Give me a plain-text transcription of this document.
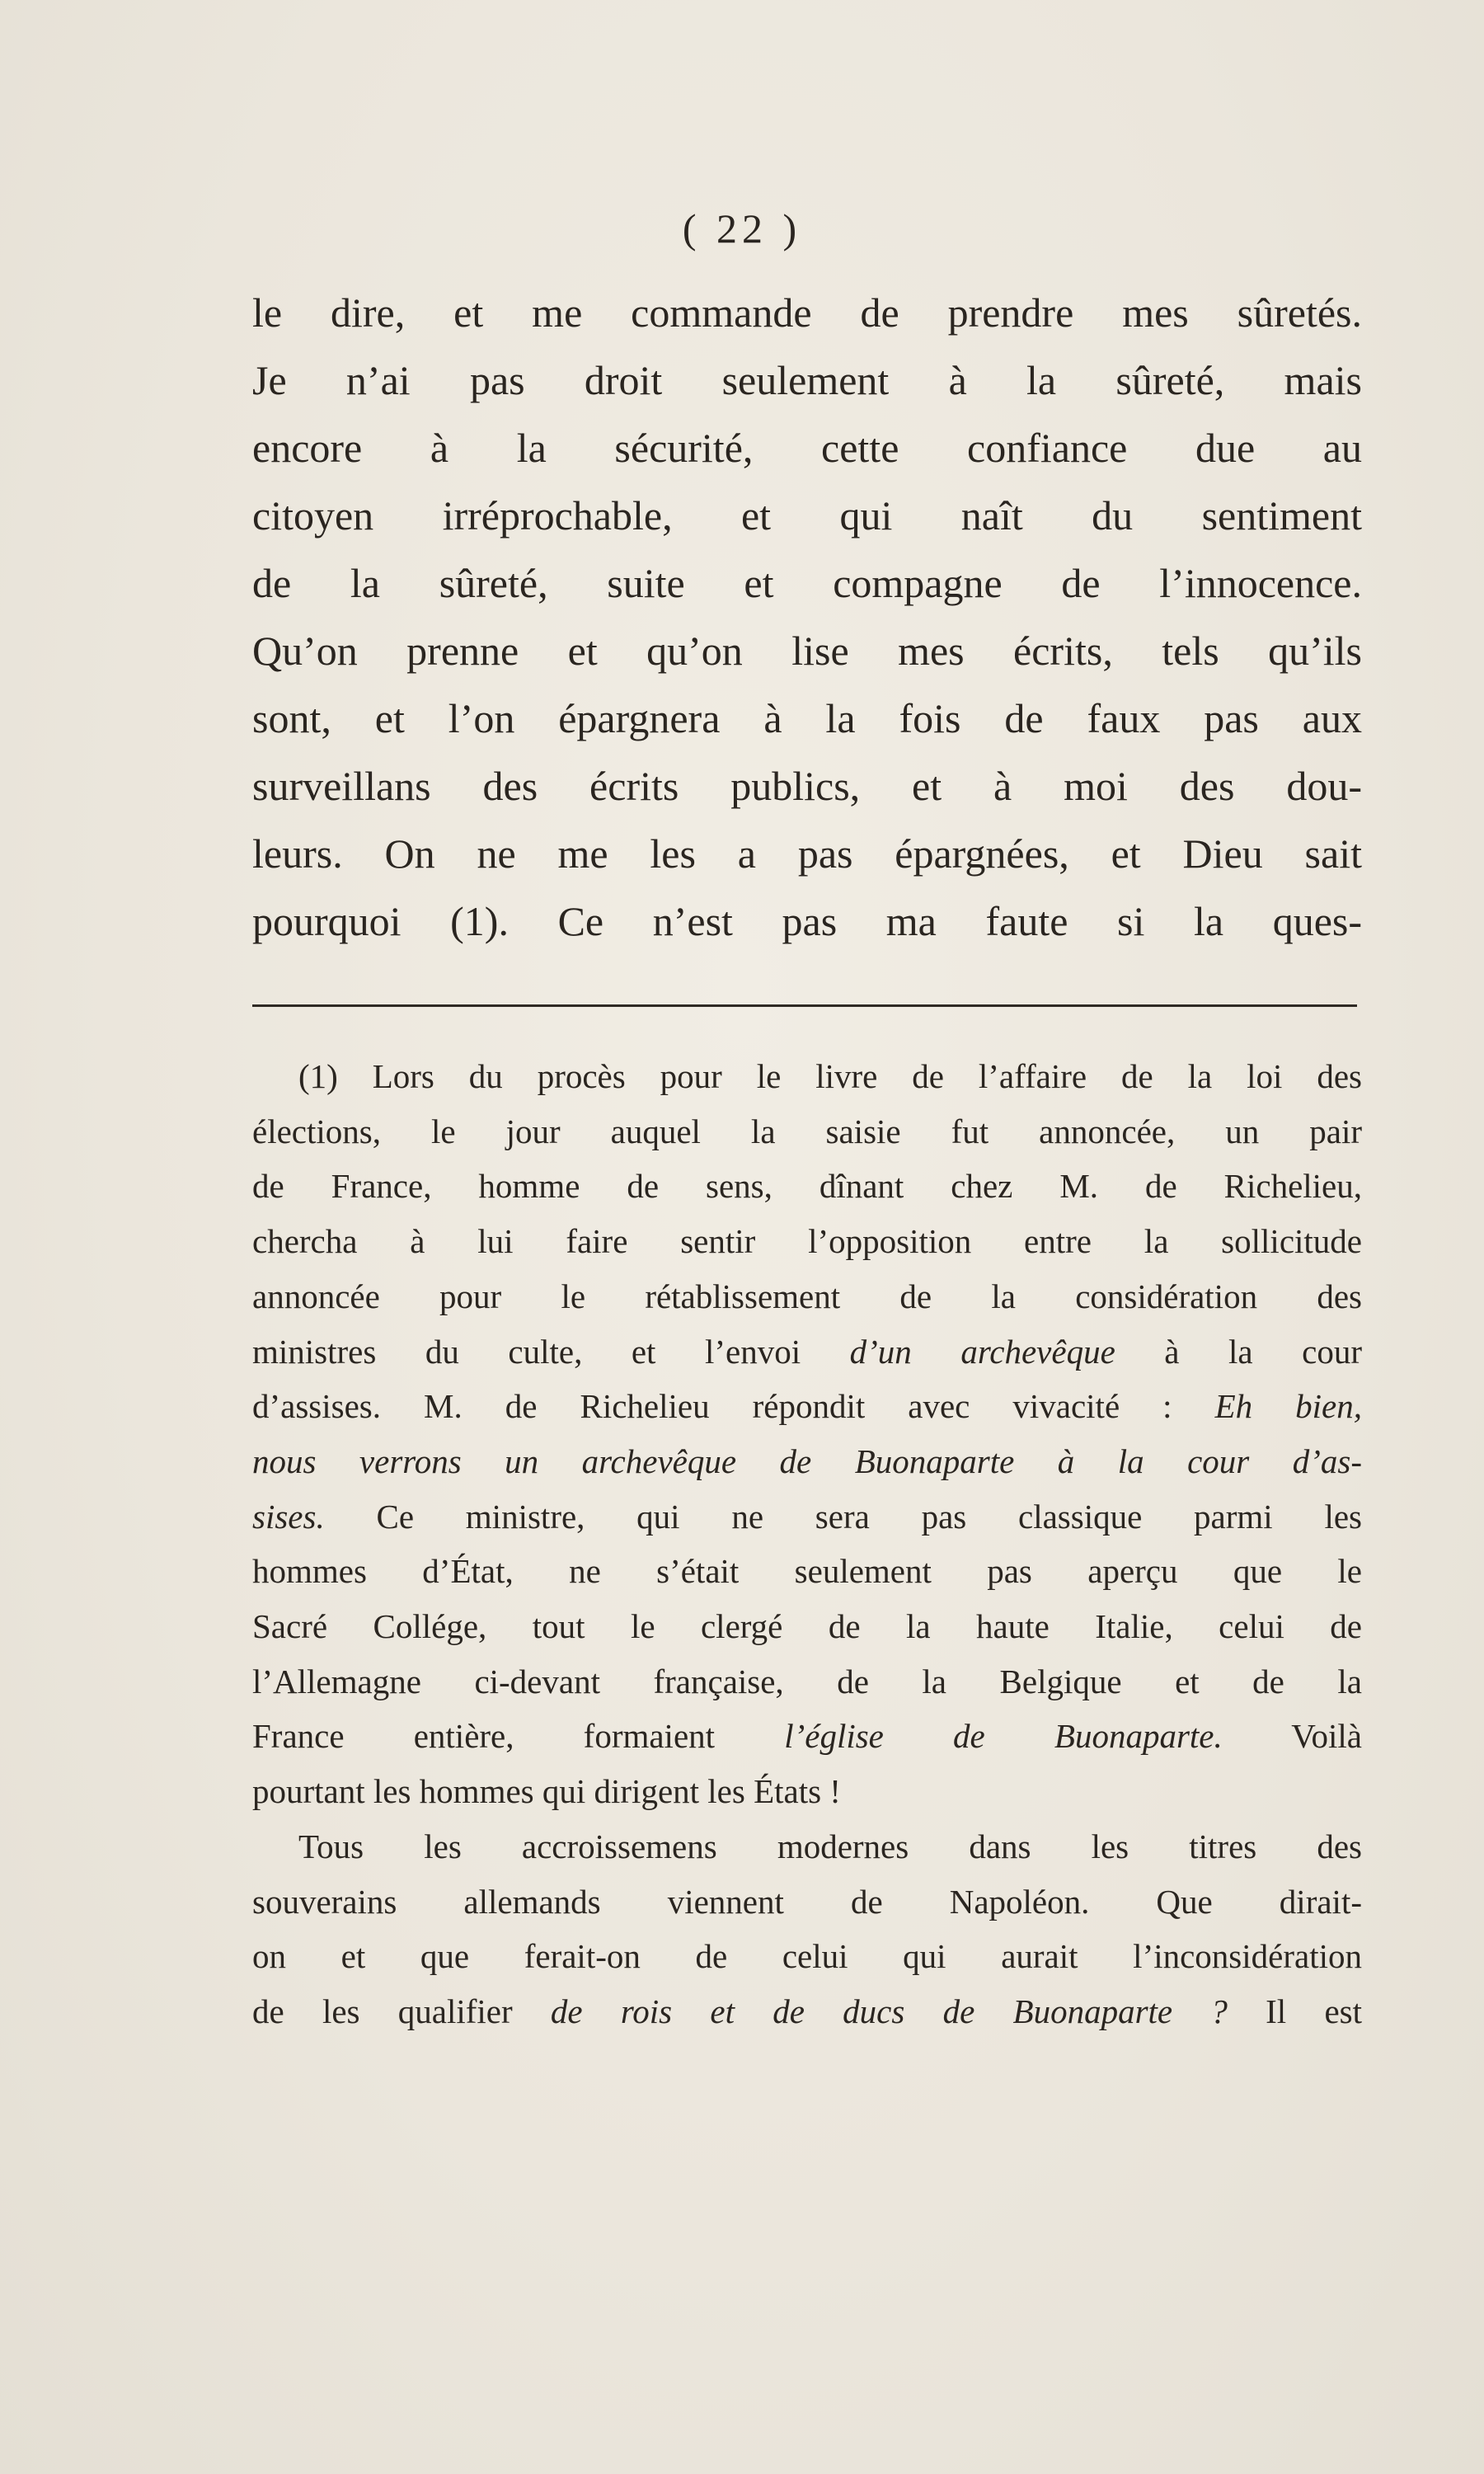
( 22 )

le dire, et me commande de prendre mes sûretés.
Je n’ai pas droit seulement à la sûreté, mais
encore à la sécurité, cette confiance due au
citoyen irréprochable, et qui naît du sentiment
de la sûreté, suite et compagne de l’innocence.
Qu’on prenne et qu’on lise mes écrits, tels qu’ils
sont, et l’on épargnera à la fois de faux pas aux
surveillans des écrits publics, et à moi des dou-
leurs. On ne me les a pas épargnées, et Dieu sait
pourquoi (1). Ce n’est pas ma faute si la ques-

(1) Lors du procès pour le livre de l’affaire de la loi des
élections, le jour auquel la saisie fut annoncée, un pair
de France, homme de sens, dînant chez M. de Richelieu,
chercha à lui faire sentir l’opposition entre la sollicitude
annoncée pour le rétablissement de la considération des
ministres du culte, et l’envoi d’un archevêque à la cour
d’assises. M. de Richelieu répondit avec vivacité : Eh bien,
nous verrons un archevêque de Buonaparte à la cour d’as-
sises. Ce ministre, qui ne sera pas classique parmi les
hommes d’État, ne s’était seulement pas aperçu que le
Sacré Collége, tout le clergé de la haute Italie, celui de
l’Allemagne ci-devant française, de la Belgique et de la
France entière, formaient l’église de Buonaparte. Voilà
pourtant les hommes qui dirigent les États !
Tous les accroissemens modernes dans les titres des
souverains allemands viennent de Napoléon. Que dirait-
on et que ferait-on de celui qui aurait l’inconsidération
de les qualifier de rois et de ducs de Buonaparte ? Il est
